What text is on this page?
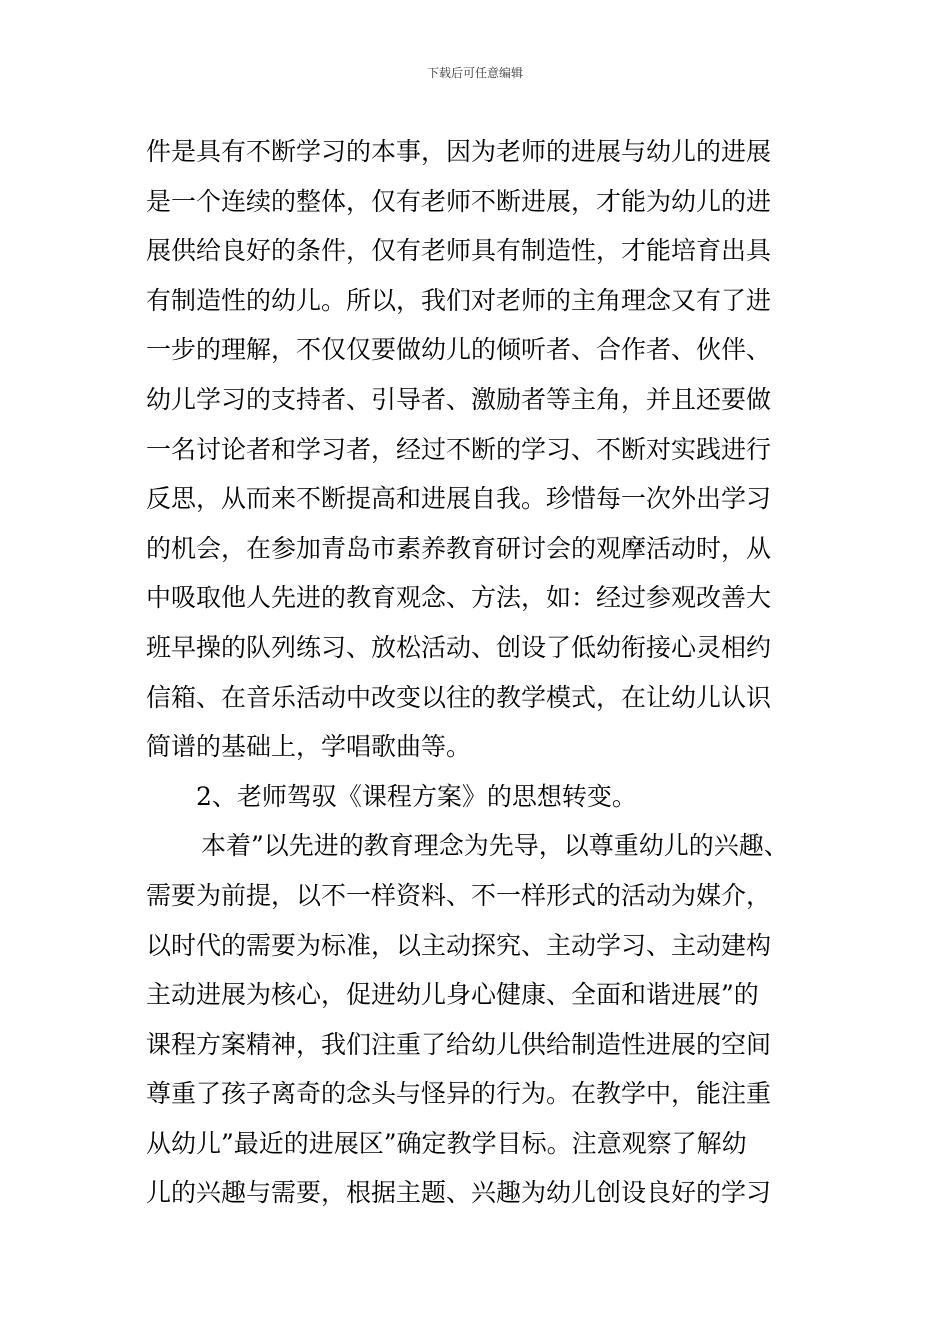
下载后可任意编辑
件是具有不断学习的本事，因为老师的进展与幼儿的进展
是一个连续的整体，仅有老师不断进展，才能为幼儿的进
展供给良好的条件，仅有老师具有制造性，才能培育出具
有制造性的幼儿。所以，我们对老师的主角理念又有了进
一步的理解，不仅仅要做幼儿的倾听者、合作者、伙伴、
幼儿学习的支持者、引导者、激励者等主角，并且还要做
一名讨论者和学习者，经过不断的学习、不断对实践进行
反思，从而来不断提高和进展自我。珍惜每一次外出学习
的机会，在参加青岛市素养教育研讨会的观摩活动时，从
中吸取他人先进的教育观念、方法，如：经过参观改善大
班早操的队列练习、放松活动、创设了低幼衔接心灵相约
信箱、在音乐活动中改变以往的教学模式，在让幼儿认识
简谱的基础上，学唱歌曲等。
2、老师驾驭《课程方案》的思想转变。
本着”以先进的教育理念为先导，以尊重幼儿的兴趣、
需要为前提，以不一样资料、不一样形式的活动为媒介，
以时代的需要为标准，以主动探究、主动学习、主动建构
主动进展为核心，促进幼儿身心健康、全面和谐进展”的
课程方案精神，我们注重了给幼儿供给制造性进展的空间
尊重了孩子离奇的念头与怪异的行为。在教学中，能注重
从幼儿”最近的进展区”确定教学目标。注意观察了解幼
儿的兴趣与需要，根据主题、兴趣为幼儿创设良好的学习
